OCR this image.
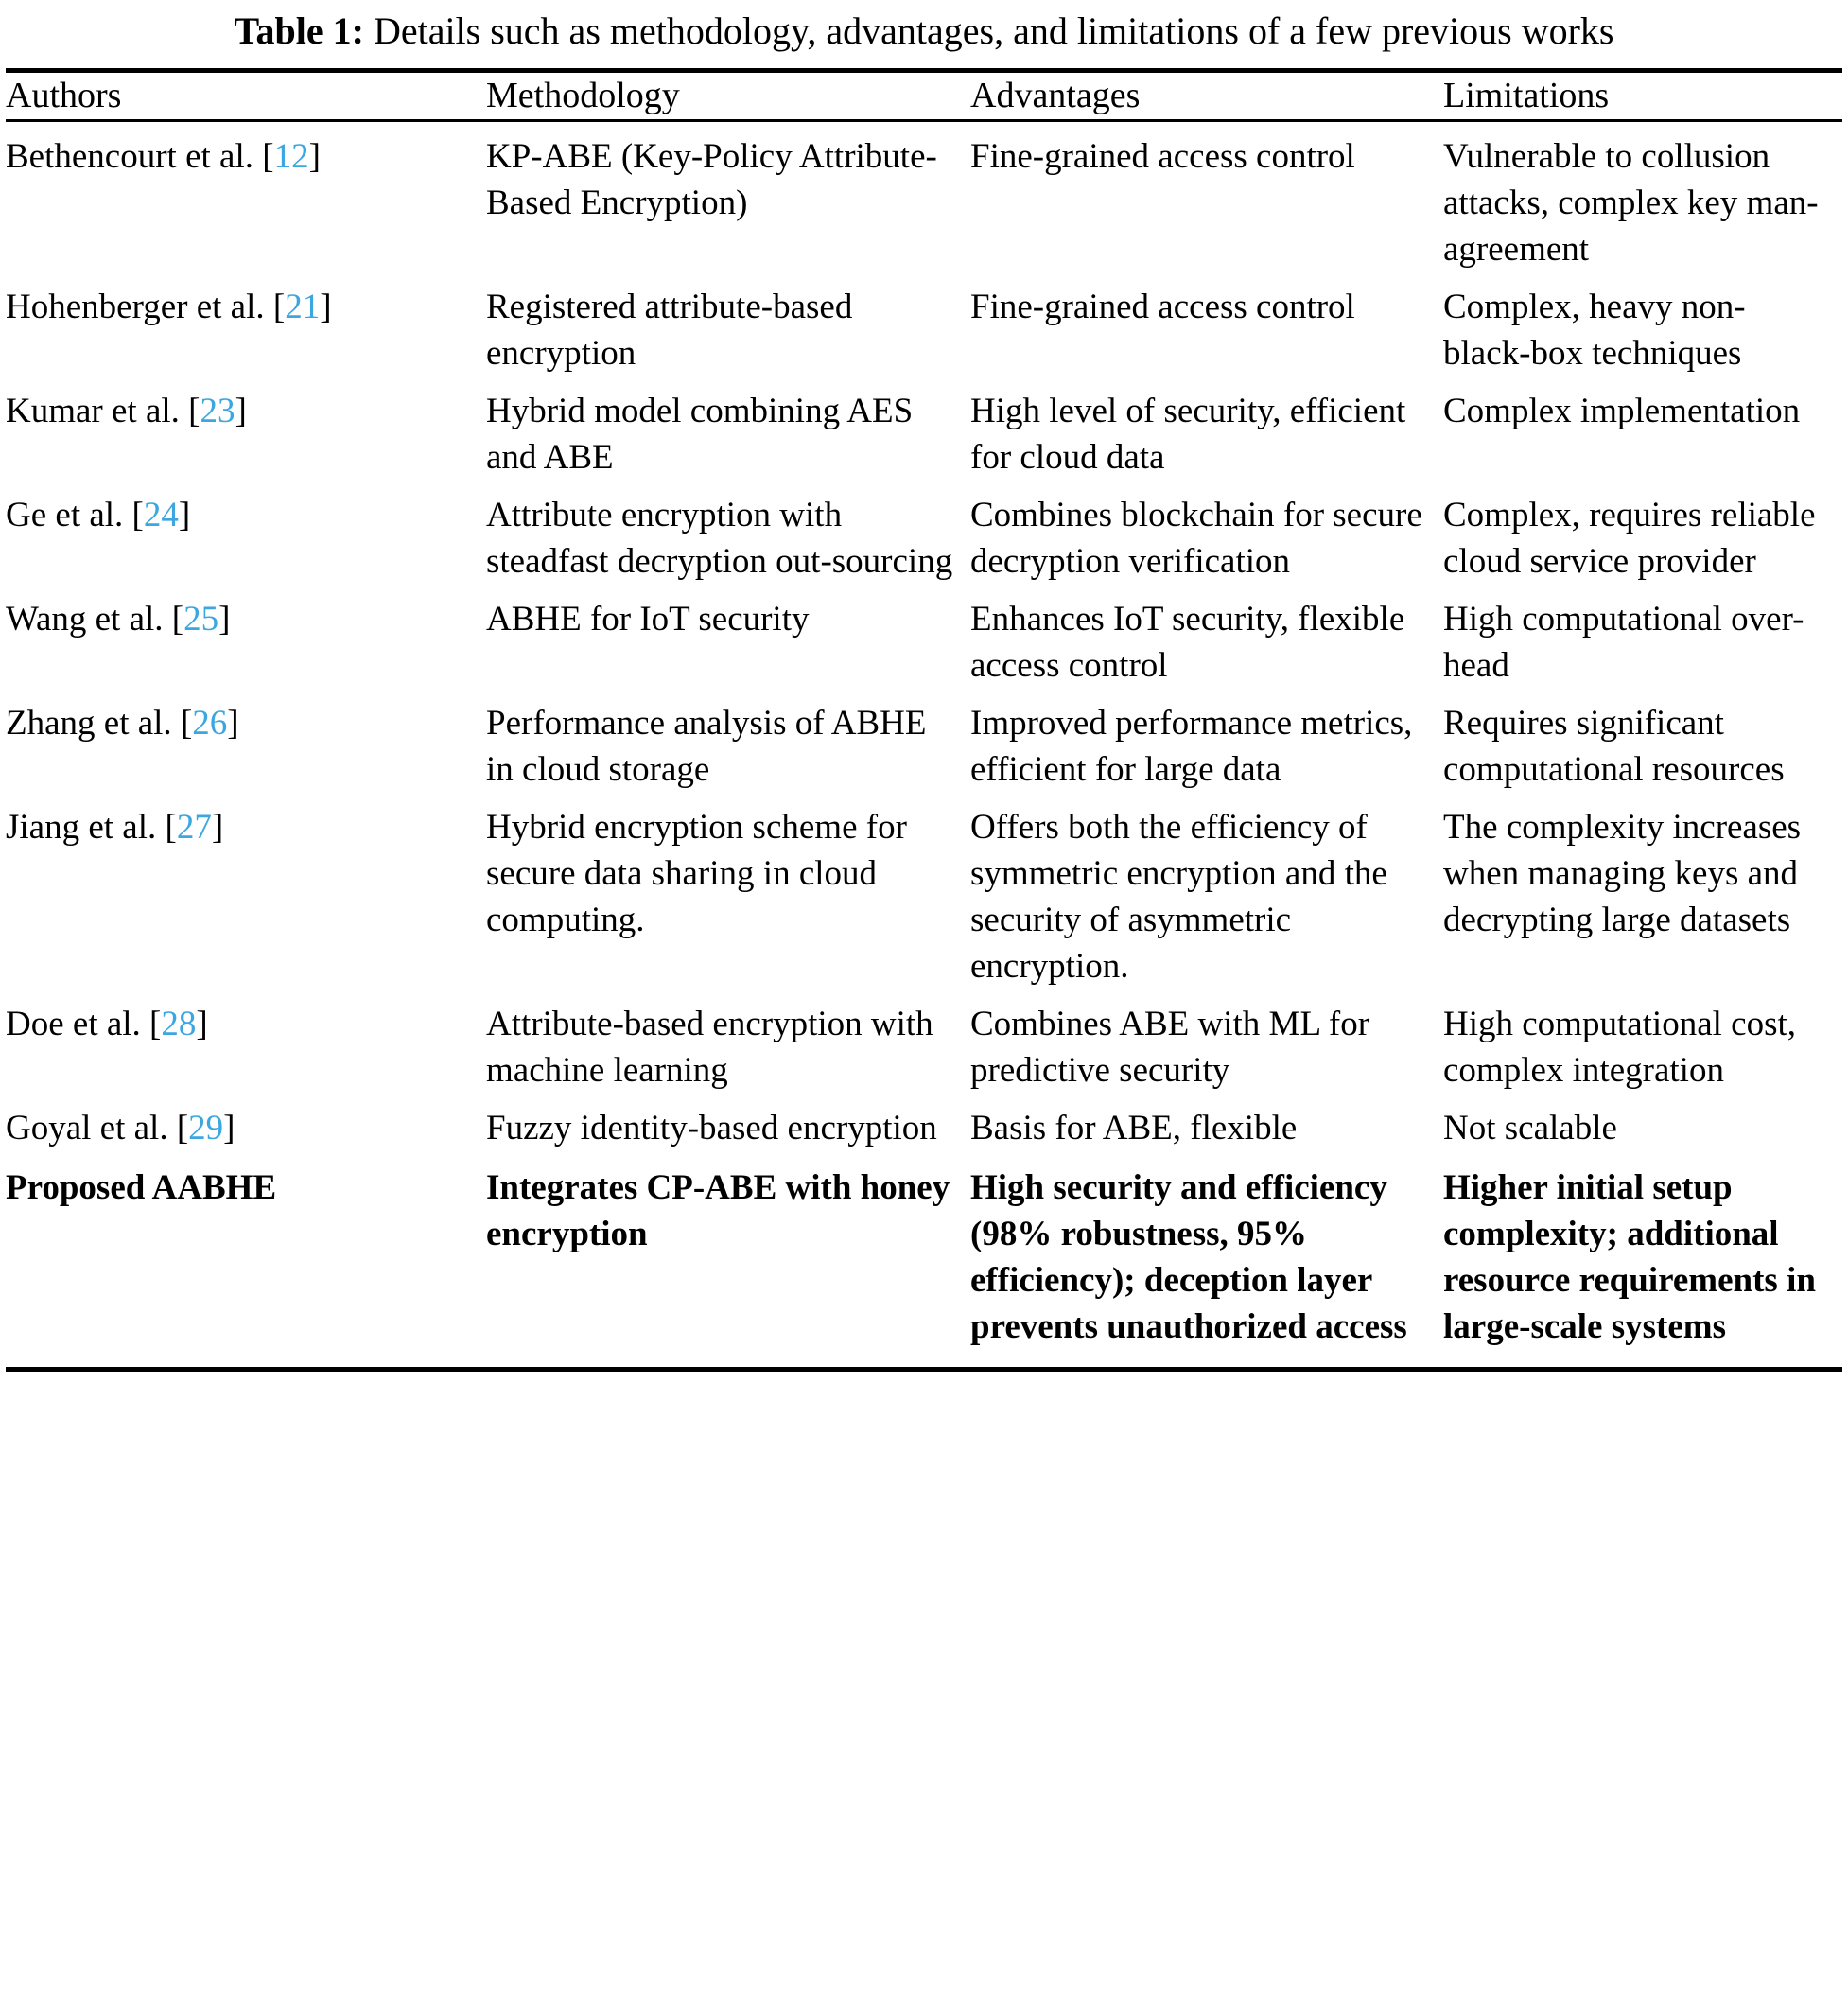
Table 1: Details such as methodology, advantages, and limitations of a few previous works
Authors	Methodology	Advantages	Limitations
Bethencourt et al. [12]	KP-ABE (Key-Policy Attribute-Based Encryption)	Fine-grained access control	Vulnerable to collusion attacks, complex key man-agreement
Hohenberger et al. [21]	Registered attribute-based encryption	Fine-grained access control	Complex, heavy non-black-box techniques
Kumar et al. [23]	Hybrid model combining AES and ABE	High level of security, efficient for cloud data	Complex implementation
Ge et al. [24]	Attribute encryption with steadfast decryption out-sourcing	Combines blockchain for secure decryption verification	Complex, requires reliable cloud service provider
Wang et al. [25]	ABHE for IoT security	Enhances IoT security, flexible access control	High computational over-head
Zhang et al. [26]	Performance analysis of ABHE in cloud storage	Improved performance metrics, efficient for large data	Requires significant computational resources
Jiang et al. [27]	Hybrid encryption scheme for secure data sharing in cloud computing.	Offers both the efficiency of symmetric encryption and the security of asymmetric encryption.	The complexity increases when managing keys and decrypting large datasets
Doe et al. [28]	Attribute-based encryption with machine learning	Combines ABE with ML for predictive security	High computational cost, complex integration
Goyal et al. [29]	Fuzzy identity-based encryption	Basis for ABE, flexible	Not scalable
Proposed AABHE	Integrates CP-ABE with honey encryption	High security and efficiency (98% robustness, 95% efficiency); deception layer prevents unauthorized access	Higher initial setup complexity; additional resource requirements in large-scale systems
